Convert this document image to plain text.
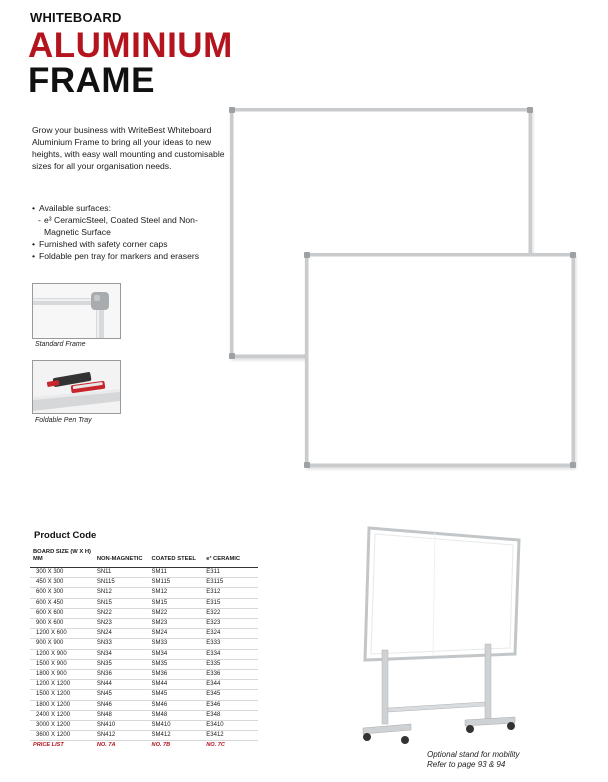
WHITEBOARD
ALUMINIUM
FRAME
Grow your business with WriteBest Whiteboard Aluminium Frame to bring all your ideas to new heights, with easy wall mounting and customisable sizes for all your organisation needs.
• Available surfaces:
- e³ CeramicSteel, Coated Steel and Non-Magnetic Surface
• Furnished with safety corner caps
• Foldable pen tray for markers and erasers
Standard Frame
Foldable Pen Tray
Product Code
BOARD SIZE (W X H) MM	NON-MAGNETIC	COATED STEEL	e³ CERAMIC
300 X 300	SN11	SM11	E311
450 X 300	SN115	SM115	E3115
600 X 300	SN12	SM12	E312
600 X 450	SN15	SM15	E315
600 X 600	SN22	SM22	E322
900 X 600	SN23	SM23	E323
1200 X 600	SN24	SM24	E324
900 X 900	SN33	SM33	E333
1200 X 900	SN34	SM34	E334
1500 X 900	SN35	SM35	E335
1800 X 900	SN36	SM36	E336
1200 X 1200	SN44	SM44	E344
1500 X 1200	SN45	SM45	E345
1800 X 1200	SN46	SM46	E346
2400 X 1200	SN48	SM48	E348
3000 X 1200	SN410	SM410	E3410
3600 X 1200	SN412	SM412	E3412
PRICE LIST	NO. 7A	NO. 7B	NO. 7C
Optional stand for mobility
Refer to page 93 & 94
